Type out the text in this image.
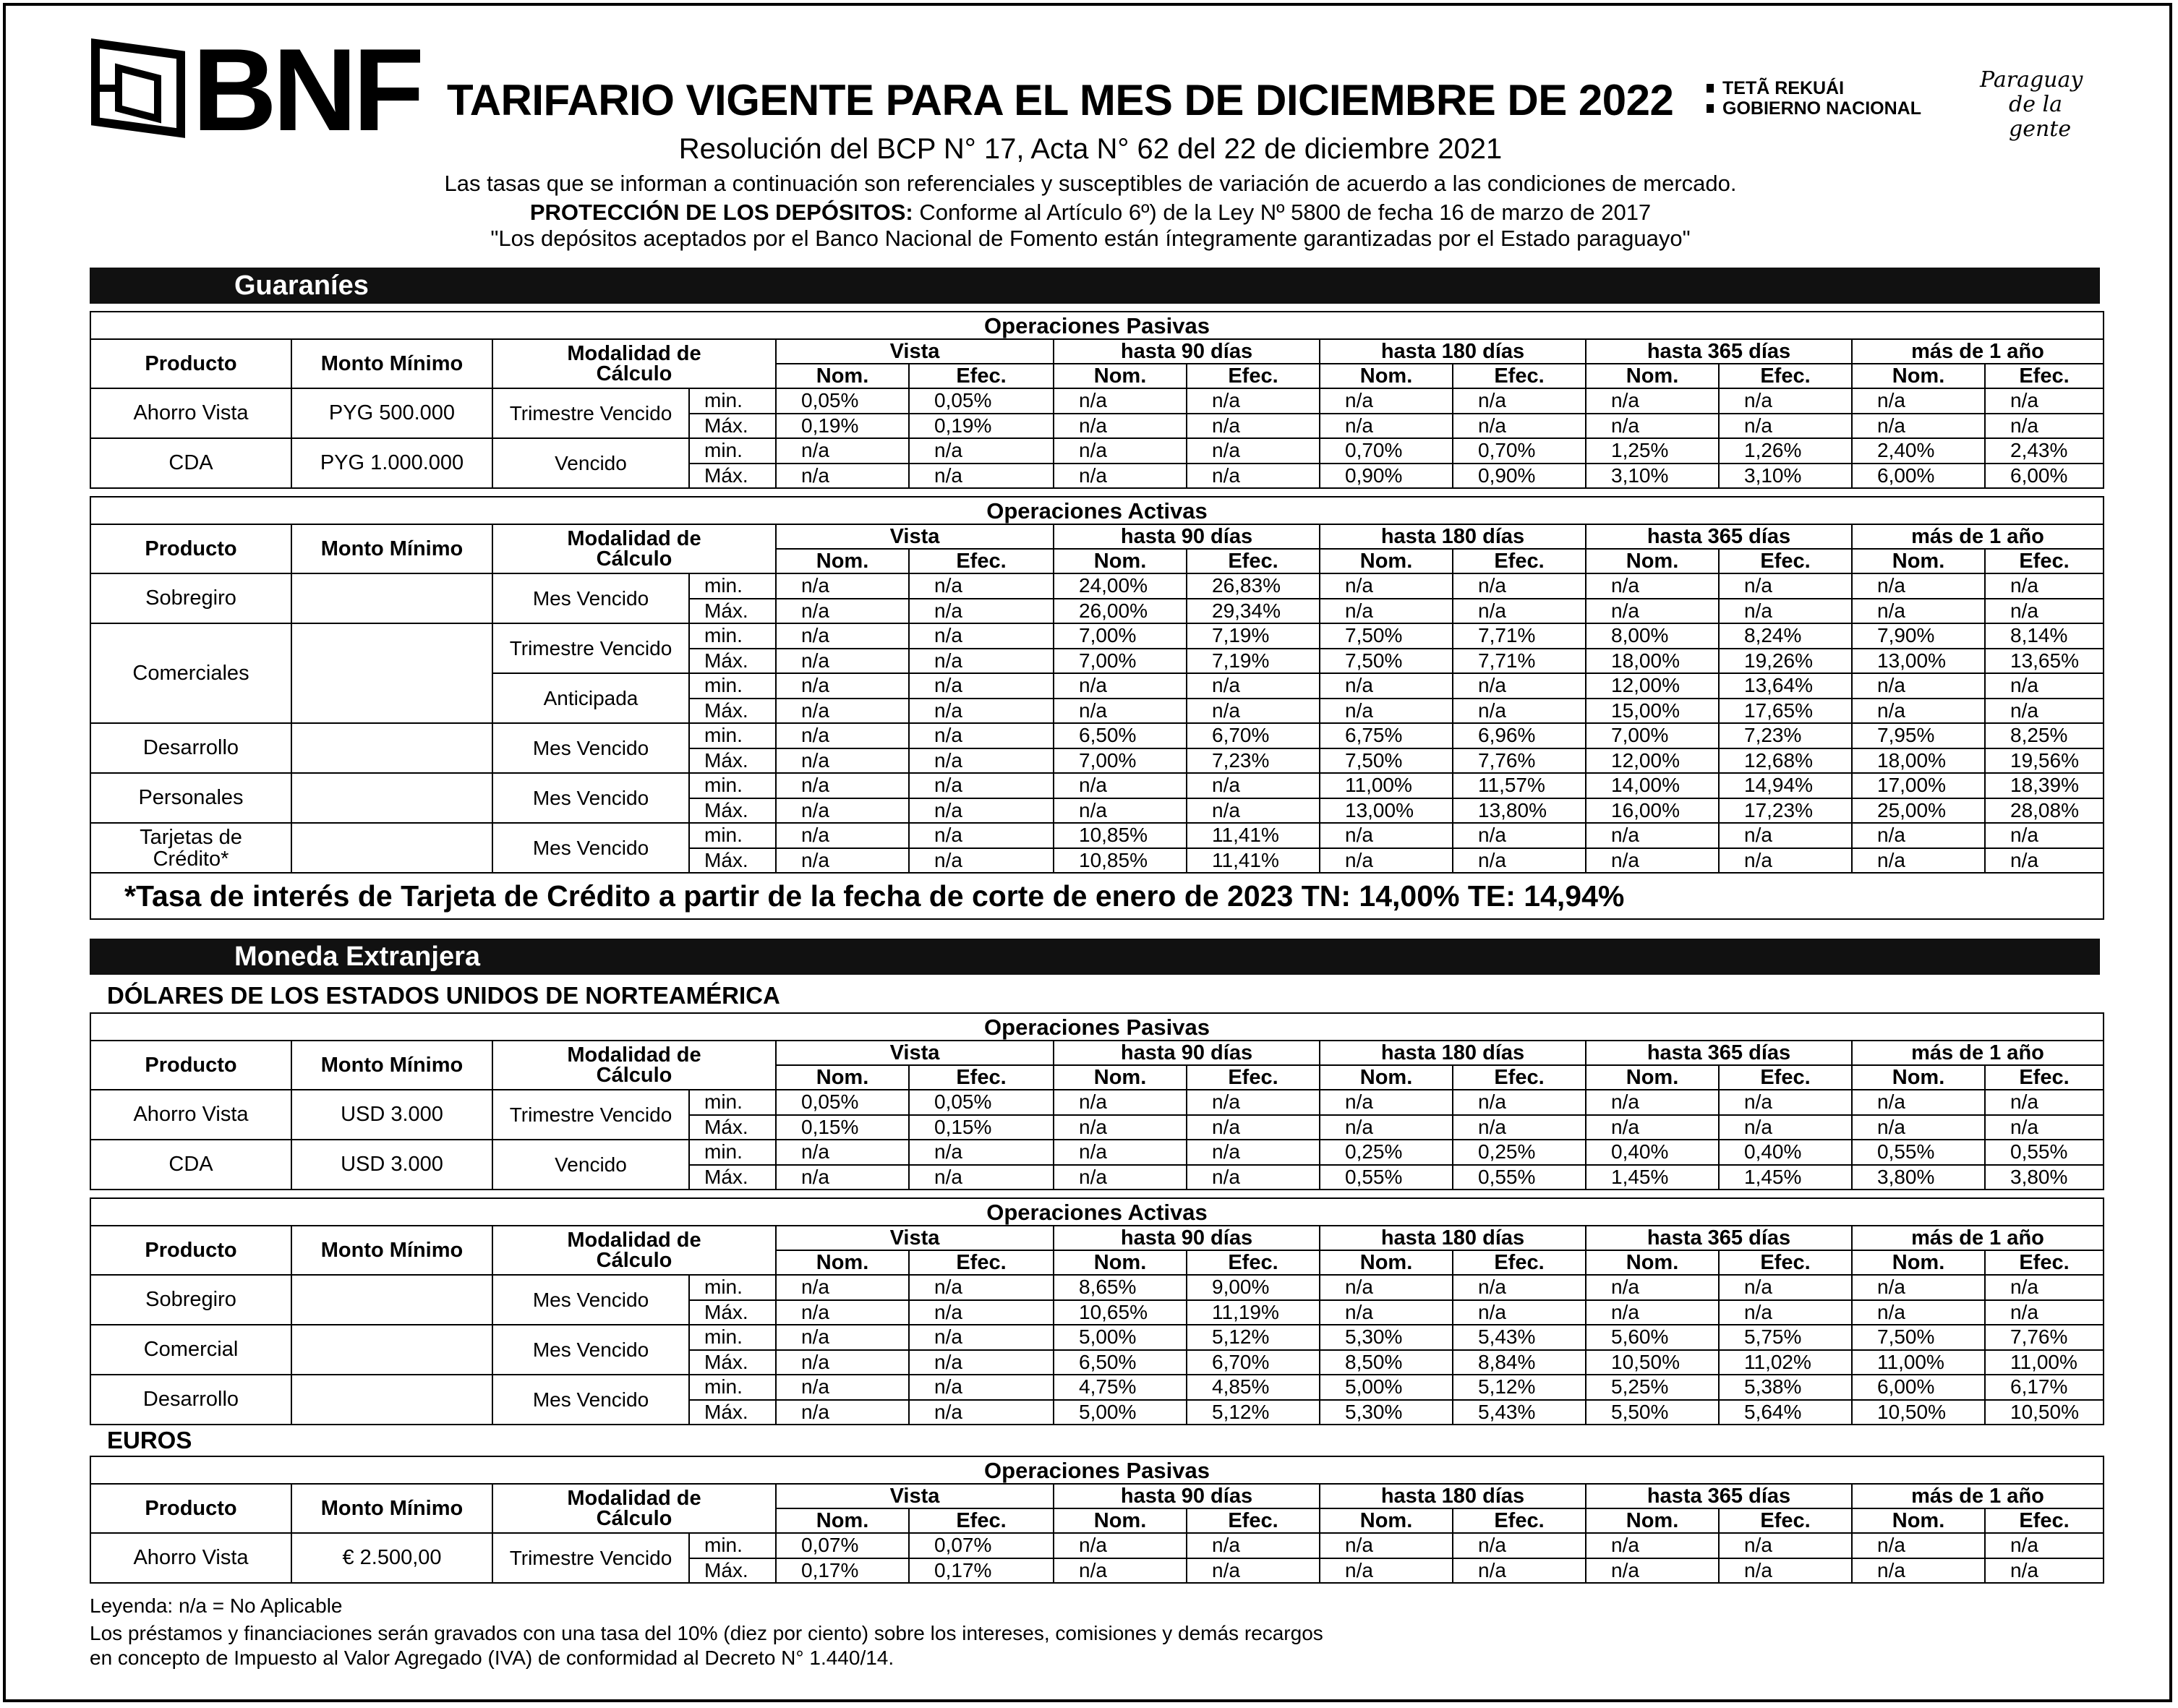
BNF TARIFARIO VIGENTE PARA EL MES DE DICIEMBRE DE 2022	TETÃ REKUÁI
GOBIERNO NACIONAL
Paraguay
de la gente
Resolución del BCP N° 17, Acta N° 62 del 22 de diciembre 2021
Las tasas que se informan a continuación son referenciales y susceptibles de variación de acuerdo a las condiciones de mercado.
PROTECCIÓN DE LOS DEPÓSITOS: Conforme al Artículo 6º) de la Ley Nº 5800 de fecha 16 de marzo de 2017
"Los depósitos aceptados por el Banco Nacional de Fomento están íntegramente garantizadas por el Estado paraguayo"
Guaraníes
Operaciones Pasivas													
Producto	Monto Mínimo	Modalidad de Cálculo		Vista		hasta 90 días		hasta 180 días		hasta 365 días		más de 1 año	
				Nom.	Efec.	Nom.	Efec.	Nom.	Efec.	Nom.	Efec.	Nom.	Efec.
Ahorro Vista	PYG 500.000	Trimestre Vencido	min.	0,05%	0,05%	n/a	n/a	n/a	n/a	n/a	n/a	n/a	n/a
			Máx.	0,19%	0,19%	n/a	n/a	n/a	n/a	n/a	n/a	n/a	n/a
CDA	PYG 1.000.000	Vencido	min.	n/a	n/a	n/a	n/a	0,70%	0,70%	1,25%	1,26%	2,40%	2,43%
			Máx.	n/a	n/a	n/a	n/a	0,90%	0,90%	3,10%	3,10%	6,00%	6,00%
Operaciones Activas													
Producto	Monto Mínimo	Modalidad de Cálculo		Vista		hasta 90 días		hasta 180 días		hasta 365 días		más de 1 año	
				Nom.	Efec.	Nom.	Efec.	Nom.	Efec.	Nom.	Efec.	Nom.	Efec.
Sobregiro		Mes Vencido	min.	n/a	n/a	24,00%	26,83%	n/a	n/a	n/a	n/a	n/a	n/a
			Máx.	n/a	n/a	26,00%	29,34%	n/a	n/a	n/a	n/a	n/a	n/a
Comerciales		Trimestre Vencido	min.	n/a	n/a	7,00%	7,19%	7,50%	7,71%	8,00%	8,24%	7,90%	8,14%
			Máx.	n/a	n/a	7,00%	7,19%	7,50%	7,71%	18,00%	19,26%	13,00%	13,65%
		Anticipada	min.	n/a	n/a	n/a	n/a	n/a	n/a	12,00%	13,64%	n/a	n/a
			Máx.	n/a	n/a	n/a	n/a	n/a	n/a	15,00%	17,65%	n/a	n/a
Desarrollo		Mes Vencido	min.	n/a	n/a	6,50%	6,70%	6,75%	6,96%	7,00%	7,23%	7,95%	8,25%
			Máx.	n/a	n/a	7,00%	7,23%	7,50%	7,76%	12,00%	12,68%	18,00%	19,56%
Personales		Mes Vencido	min.	n/a	n/a	n/a	n/a	11,00%	11,57%	14,00%	14,94%	17,00%	18,39%
			Máx.	n/a	n/a	n/a	n/a	13,00%	13,80%	16,00%	17,23%	25,00%	28,08%
Tarjetas de Crédito*		Mes Vencido	min.	n/a	n/a	10,85%	11,41%	n/a	n/a	n/a	n/a	n/a	n/a
			Máx.	n/a	n/a	10,85%	11,41%	n/a	n/a	n/a	n/a	n/a	n/a
*Tasa de interés de Tarjeta de Crédito a partir de la fecha de corte de enero de 2023 TN: 14,00% TE: 14,94%													
Operaciones Pasivas													
Producto	Monto Mínimo	Modalidad de Cálculo		Vista		hasta 90 días		hasta 180 días		hasta 365 días		más de 1 año	
				Nom.	Efec.	Nom.	Efec.	Nom.	Efec.	Nom.	Efec.	Nom.	Efec.
Ahorro Vista	USD 3.000	Trimestre Vencido	min.	0,05%	0,05%	n/a	n/a	n/a	n/a	n/a	n/a	n/a	n/a
			Máx.	0,15%	0,15%	n/a	n/a	n/a	n/a	n/a	n/a	n/a	n/a
CDA	USD 3.000	Vencido	min.	n/a	n/a	n/a	n/a	0,25%	0,25%	0,40%	0,40%	0,55%	0,55%
			Máx.	n/a	n/a	n/a	n/a	0,55%	0,55%	1,45%	1,45%	3,80%	3,80%
Operaciones Activas													
Producto	Monto Mínimo	Modalidad de Cálculo		Vista		hasta 90 días		hasta 180 días		hasta 365 días		más de 1 año	
				Nom.	Efec.	Nom.	Efec.	Nom.	Efec.	Nom.	Efec.	Nom.	Efec.
Sobregiro		Mes Vencido	min.	n/a	n/a	8,65%	9,00%	n/a	n/a	n/a	n/a	n/a	n/a
			Máx.	n/a	n/a	10,65%	11,19%	n/a	n/a	n/a	n/a	n/a	n/a
Comercial		Mes Vencido	min.	n/a	n/a	5,00%	5,12%	5,30%	5,43%	5,60%	5,75%	7,50%	7,76%
			Máx.	n/a	n/a	6,50%	6,70%	8,50%	8,84%	10,50%	11,02%	11,00%	11,00%
Desarrollo		Mes Vencido	min.	n/a	n/a	4,75%	4,85%	5,00%	5,12%	5,25%	5,38%	6,00%	6,17%
			Máx.	n/a	n/a	5,00%	5,12%	5,30%	5,43%	5,50%	5,64%	10,50%	10,50%
Operaciones Pasivas													
Producto	Monto Mínimo	Modalidad de Cálculo		Vista		hasta 90 días		hasta 180 días		hasta 365 días		más de 1 año	
				Nom.	Efec.	Nom.	Efec.	Nom.	Efec.	Nom.	Efec.	Nom.	Efec.
Ahorro Vista	€ 2.500,00	Trimestre Vencido	min.	0,07%	0,07%	n/a	n/a	n/a	n/a	n/a	n/a	n/a	n/a
			Máx.	0,17%	0,17%	n/a	n/a	n/a	n/a	n/a	n/a	n/a	n/a
Moneda Extranjera
DÓLARES DE LOS ESTADOS UNIDOS DE NORTEAMÉRICA
EUROS
Leyenda: n/a = No Aplicable
Los préstamos y financiaciones serán gravados con una tasa del 10% (diez por ciento) sobre los intereses, comisiones y demás recargos
en concepto de Impuesto al Valor Agregado (IVA) de conformidad al Decreto N° 1.440/14.
